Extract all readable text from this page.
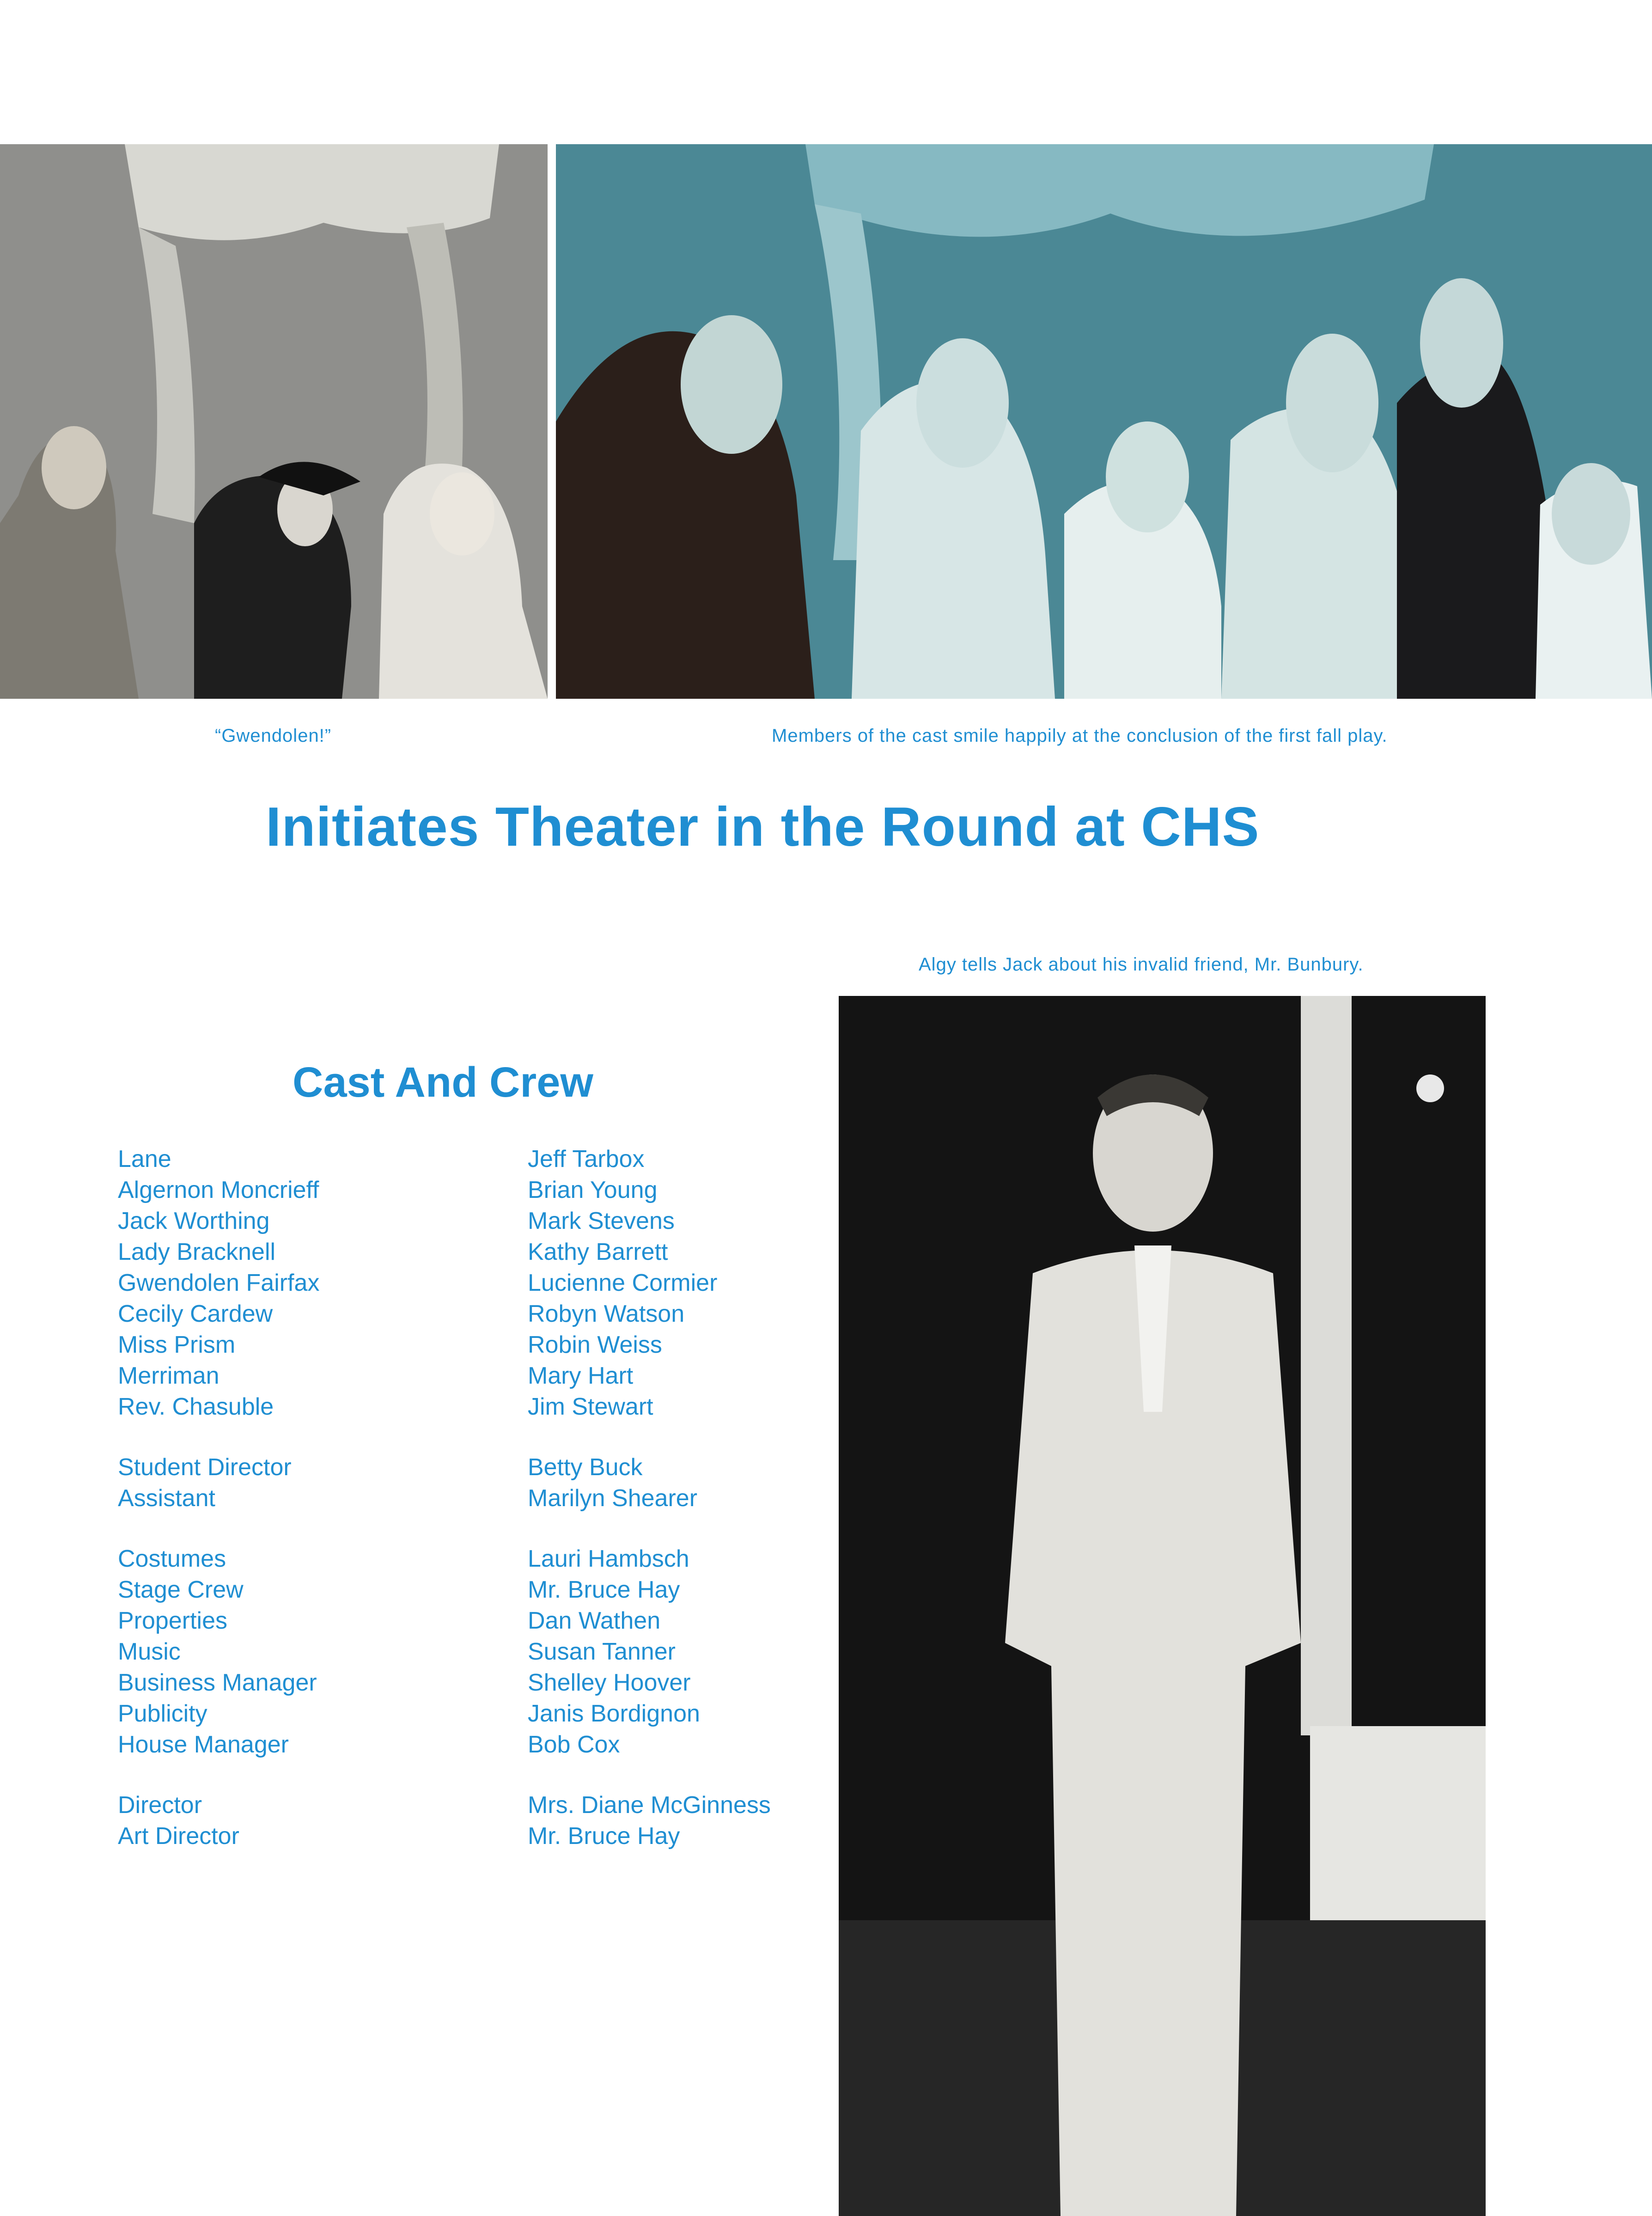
“Gwendolen!”	Members of the cast smile happily at the conclusion of the first fall play.
Initiates Theater in the Round at CHS
Algy tells Jack about his invalid friend, Mr. Bunbury.
Cast And Crew
Lane
Algernon Moncrieff
Jack Worthing
Lady Bracknell
Gwendolen Fairfax
Cecily Cardew
Miss Prism
Merriman
Rev. Chasuble
Student Director
Assistant
Costumes
Stage Crew
Properties
Music
Business Manager
Publicity
House Manager
Director
Art Director
Jeff Tarbox
Brian Young
Mark Stevens
Kathy Barrett
Lucienne Cormier
Robyn Watson
Robin Weiss
Mary Hart
Jim Stewart
Betty Buck
Marilyn Shearer
Lauri Hambsch
Mr. Bruce Hay
Dan Wathen
Susan Tanner
Shelley Hoover
Janis Bordignon
Bob Cox
Mrs. Diane McGinness
Mr. Bruce Hay
